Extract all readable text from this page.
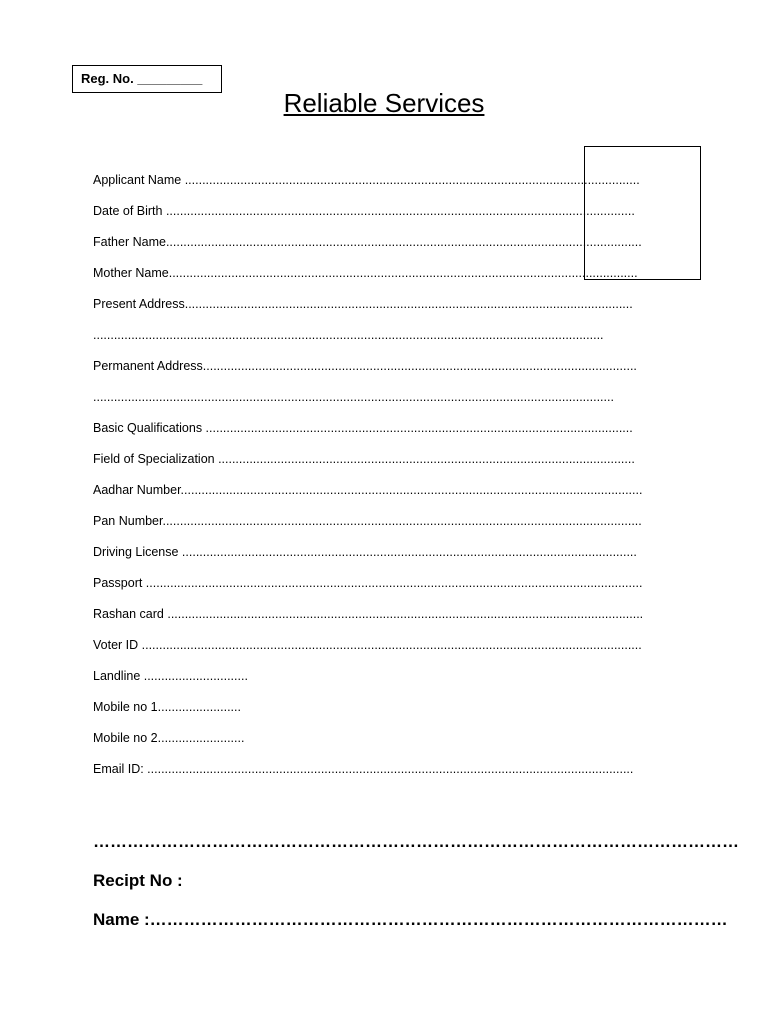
Reg. No. _________
Reliable Services
Applicant Name ...................................................................................................................................
Date of Birth .......................................................................................................................................
Father Name.........................................................................................................................................
Mother Name.......................................................................................................................................
Present Address.................................................................................................................................
...................................................................................................................................................
Permanent Address.............................................................................................................................
......................................................................................................................................................
Basic Qualifications ...........................................................................................................................
Field of Specialization ........................................................................................................................
Aadhar Number.....................................................................................................................................
Pan Number..........................................................................................................................................
Driving License ...................................................................................................................................
Passport ...............................................................................................................................................
Rashan card .........................................................................................................................................
Voter ID ................................................................................................................................................
Landline ..............................
Mobile no 1........................
Mobile no 2.........................
Email ID: ............................................................................................................................................
……………………………………………………………………………………………………
Recipt No :
Name :…………………………………………………………………………………………
